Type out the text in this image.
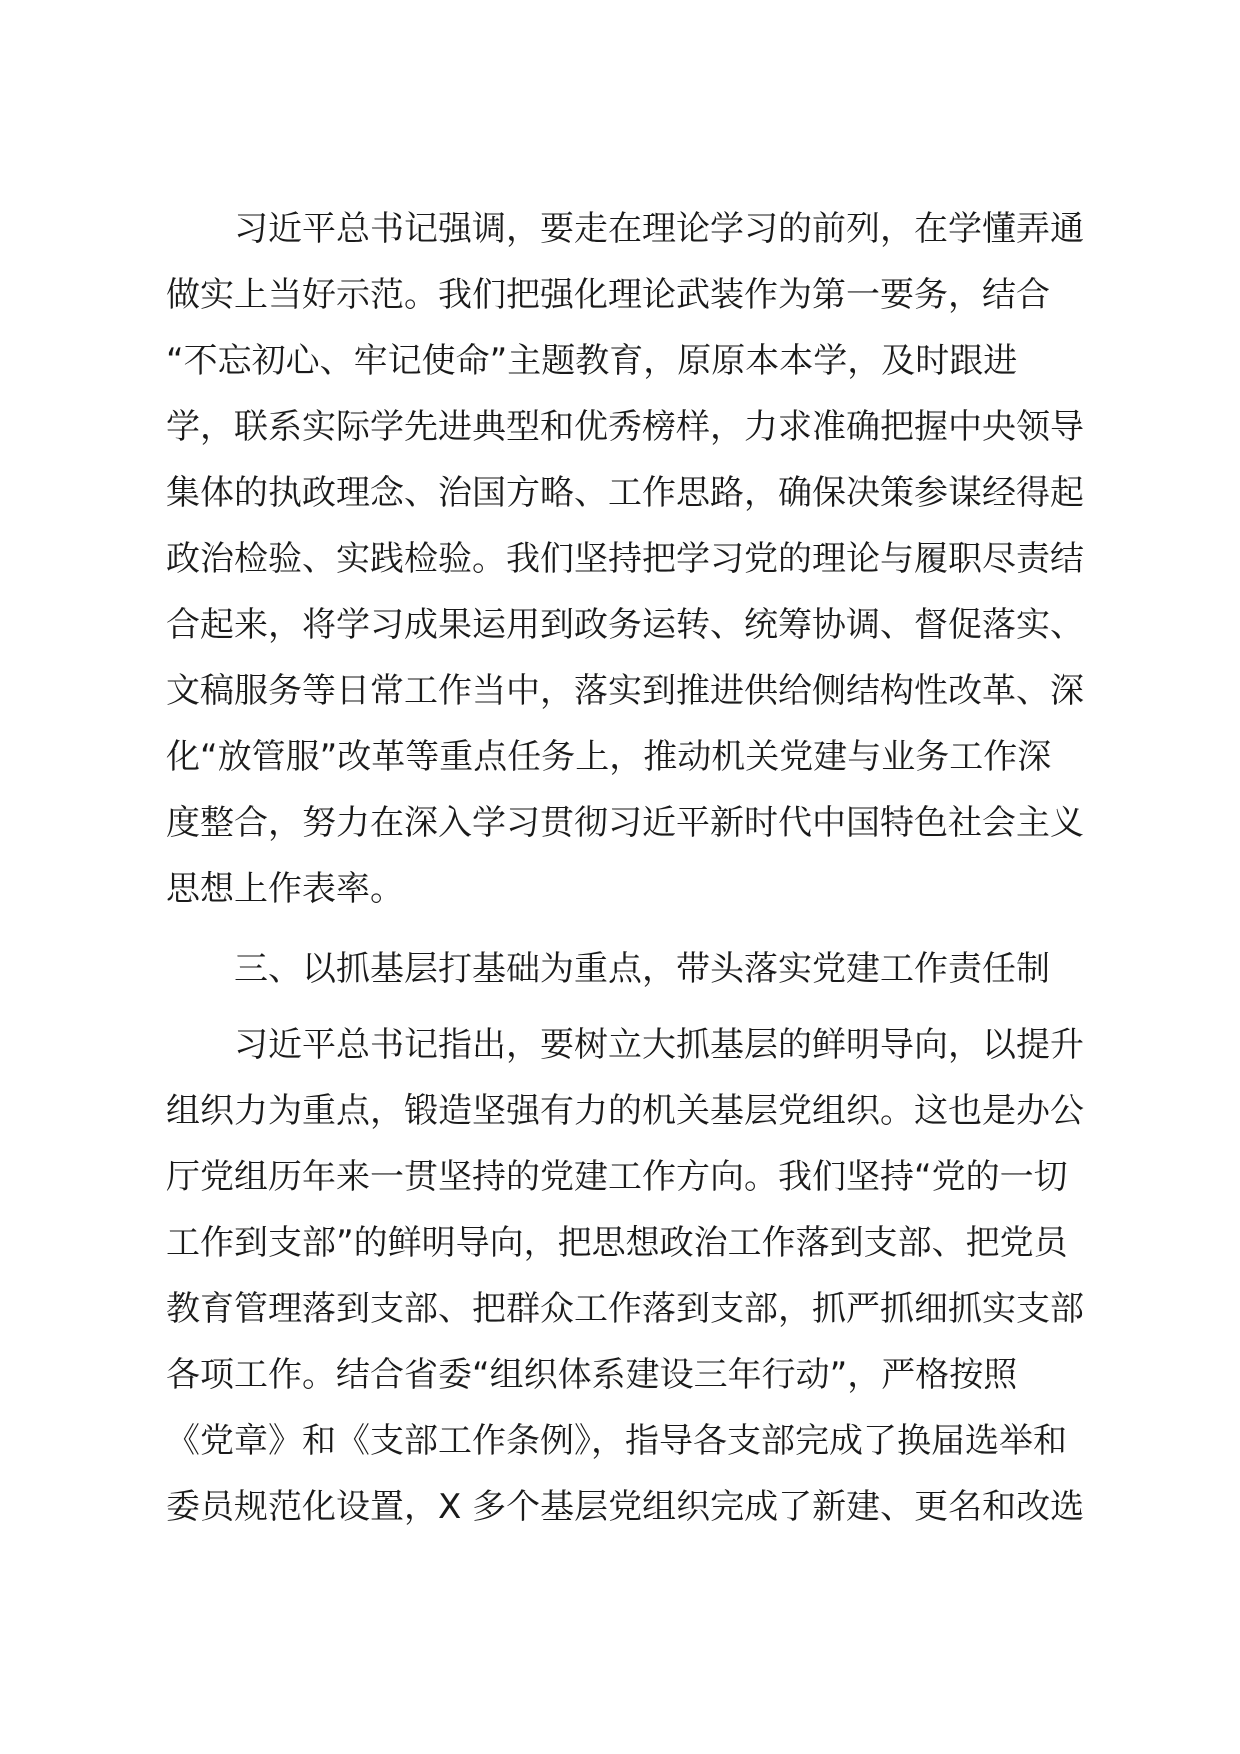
习近平总书记强调，要走在理论学习的前列，在学懂弄通
做实上当好示范。我们把强化理论武装作为第一要务，结合
“不忘初心、牢记使命”主题教育，原原本本学，及时跟进
学，联系实际学先进典型和优秀榜样，力求准确把握中央领导
集体的执政理念、治国方略、工作思路，确保决策参谋经得起
政治检验、实践检验。我们坚持把学习党的理论与履职尽责结
合起来，将学习成果运用到政务运转、统筹协调、督促落实、
文稿服务等日常工作当中，落实到推进供给侧结构性改革、深
化“放管服”改革等重点任务上，推动机关党建与业务工作深
度整合，努力在深入学习贯彻习近平新时代中国特色社会主义
思想上作表率。
三、以抓基层打基础为重点，带头落实党建工作责任制
习近平总书记指出，要树立大抓基层的鲜明导向，以提升
组织力为重点，锻造坚强有力的机关基层党组织。这也是办公
厅党组历年来一贯坚持的党建工作方向。我们坚持“党的一切
工作到支部”的鲜明导向，把思想政治工作落到支部、把党员
教育管理落到支部、把群众工作落到支部，抓严抓细抓实支部
各项工作。结合省委“组织体系建设三年行动”，严格按照
《党章》和《支部工作条例》，指导各支部完成了换届选举和
委员规范化设置，X 多个基层党组织完成了新建、更名和改选
